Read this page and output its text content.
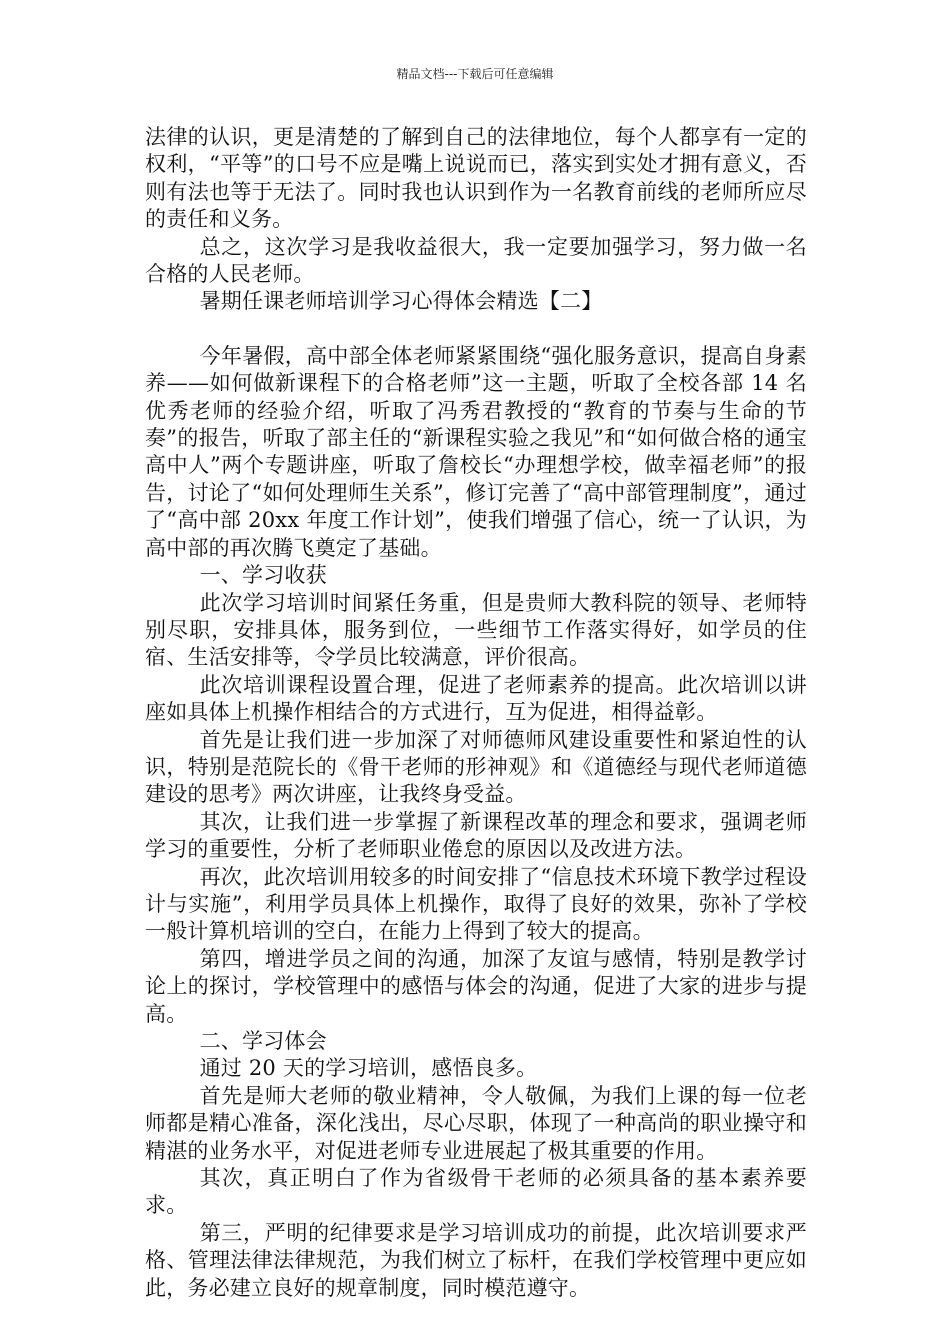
精品文档---下载后可任意编辑

法律的认识，更是清楚的了解到自己的法律地位，每个人都享有一定的权利，“平等”的口号不应是嘴上说说而已，落实到实处才拥有意义，否则有法也等于无法了。同时我也认识到作为一名教育前线的老师所应尽的责任和义务。

总之，这次学习是我收益很大，我一定要加强学习，努力做一名合格的人民老师。

暑期任课老师培训学习心得体会精选【二】

今年暑假，高中部全体老师紧紧围绕“强化服务意识，提高自身素养——如何做新课程下的合格老师”这一主题，听取了全校各部 14 名优秀老师的经验介绍，听取了冯秀君教授的“教育的节奏与生命的节奏”的报告，听取了部主任的“新课程实验之我见”和“如何做合格的通宝高中人”两个专题讲座，听取了詹校长“办理想学校，做幸福老师”的报告，讨论了“如何处理师生关系”，修订完善了“高中部管理制度”，通过了“高中部 20xx 年度工作计划”，使我们增强了信心，统一了认识，为高中部的再次腾飞奠定了基础。

一、学习收获

此次学习培训时间紧任务重，但是贵师大教科院的领导、老师特别尽职，安排具体，服务到位，一些细节工作落实得好，如学员的住宿、生活安排等，令学员比较满意，评价很高。

此次培训课程设置合理，促进了老师素养的提高。此次培训以讲座如具体上机操作相结合的方式进行，互为促进，相得益彰。

首先是让我们进一步加深了对师德师风建设重要性和紧迫性的认识，特别是范院长的《骨干老师的形神观》和《道德经与现代老师道德建设的思考》两次讲座，让我终身受益。

其次，让我们进一步掌握了新课程改革的理念和要求，强调老师学习的重要性，分析了老师职业倦怠的原因以及改进方法。

再次，此次培训用较多的时间安排了“信息技术环境下教学过程设计与实施”，利用学员具体上机操作，取得了良好的效果，弥补了学校一般计算机培训的空白，在能力上得到了较大的提高。

第四，增进学员之间的沟通，加深了友谊与感情，特别是教学讨论上的探讨，学校管理中的感悟与体会的沟通，促进了大家的进步与提高。

二、学习体会

通过 20 天的学习培训，感悟良多。

首先是师大老师的敬业精神，令人敬佩，为我们上课的每一位老师都是精心准备，深化浅出，尽心尽职，体现了一种高尚的职业操守和精湛的业务水平，对促进老师专业进展起了极其重要的作用。

其次，真正明白了作为省级骨干老师的必须具备的基本素养要求。

第三，严明的纪律要求是学习培训成功的前提，此次培训要求严格、管理法律法律规范，为我们树立了标杆，在我们学校管理中更应如此，务必建立良好的规章制度，同时模范遵守。
